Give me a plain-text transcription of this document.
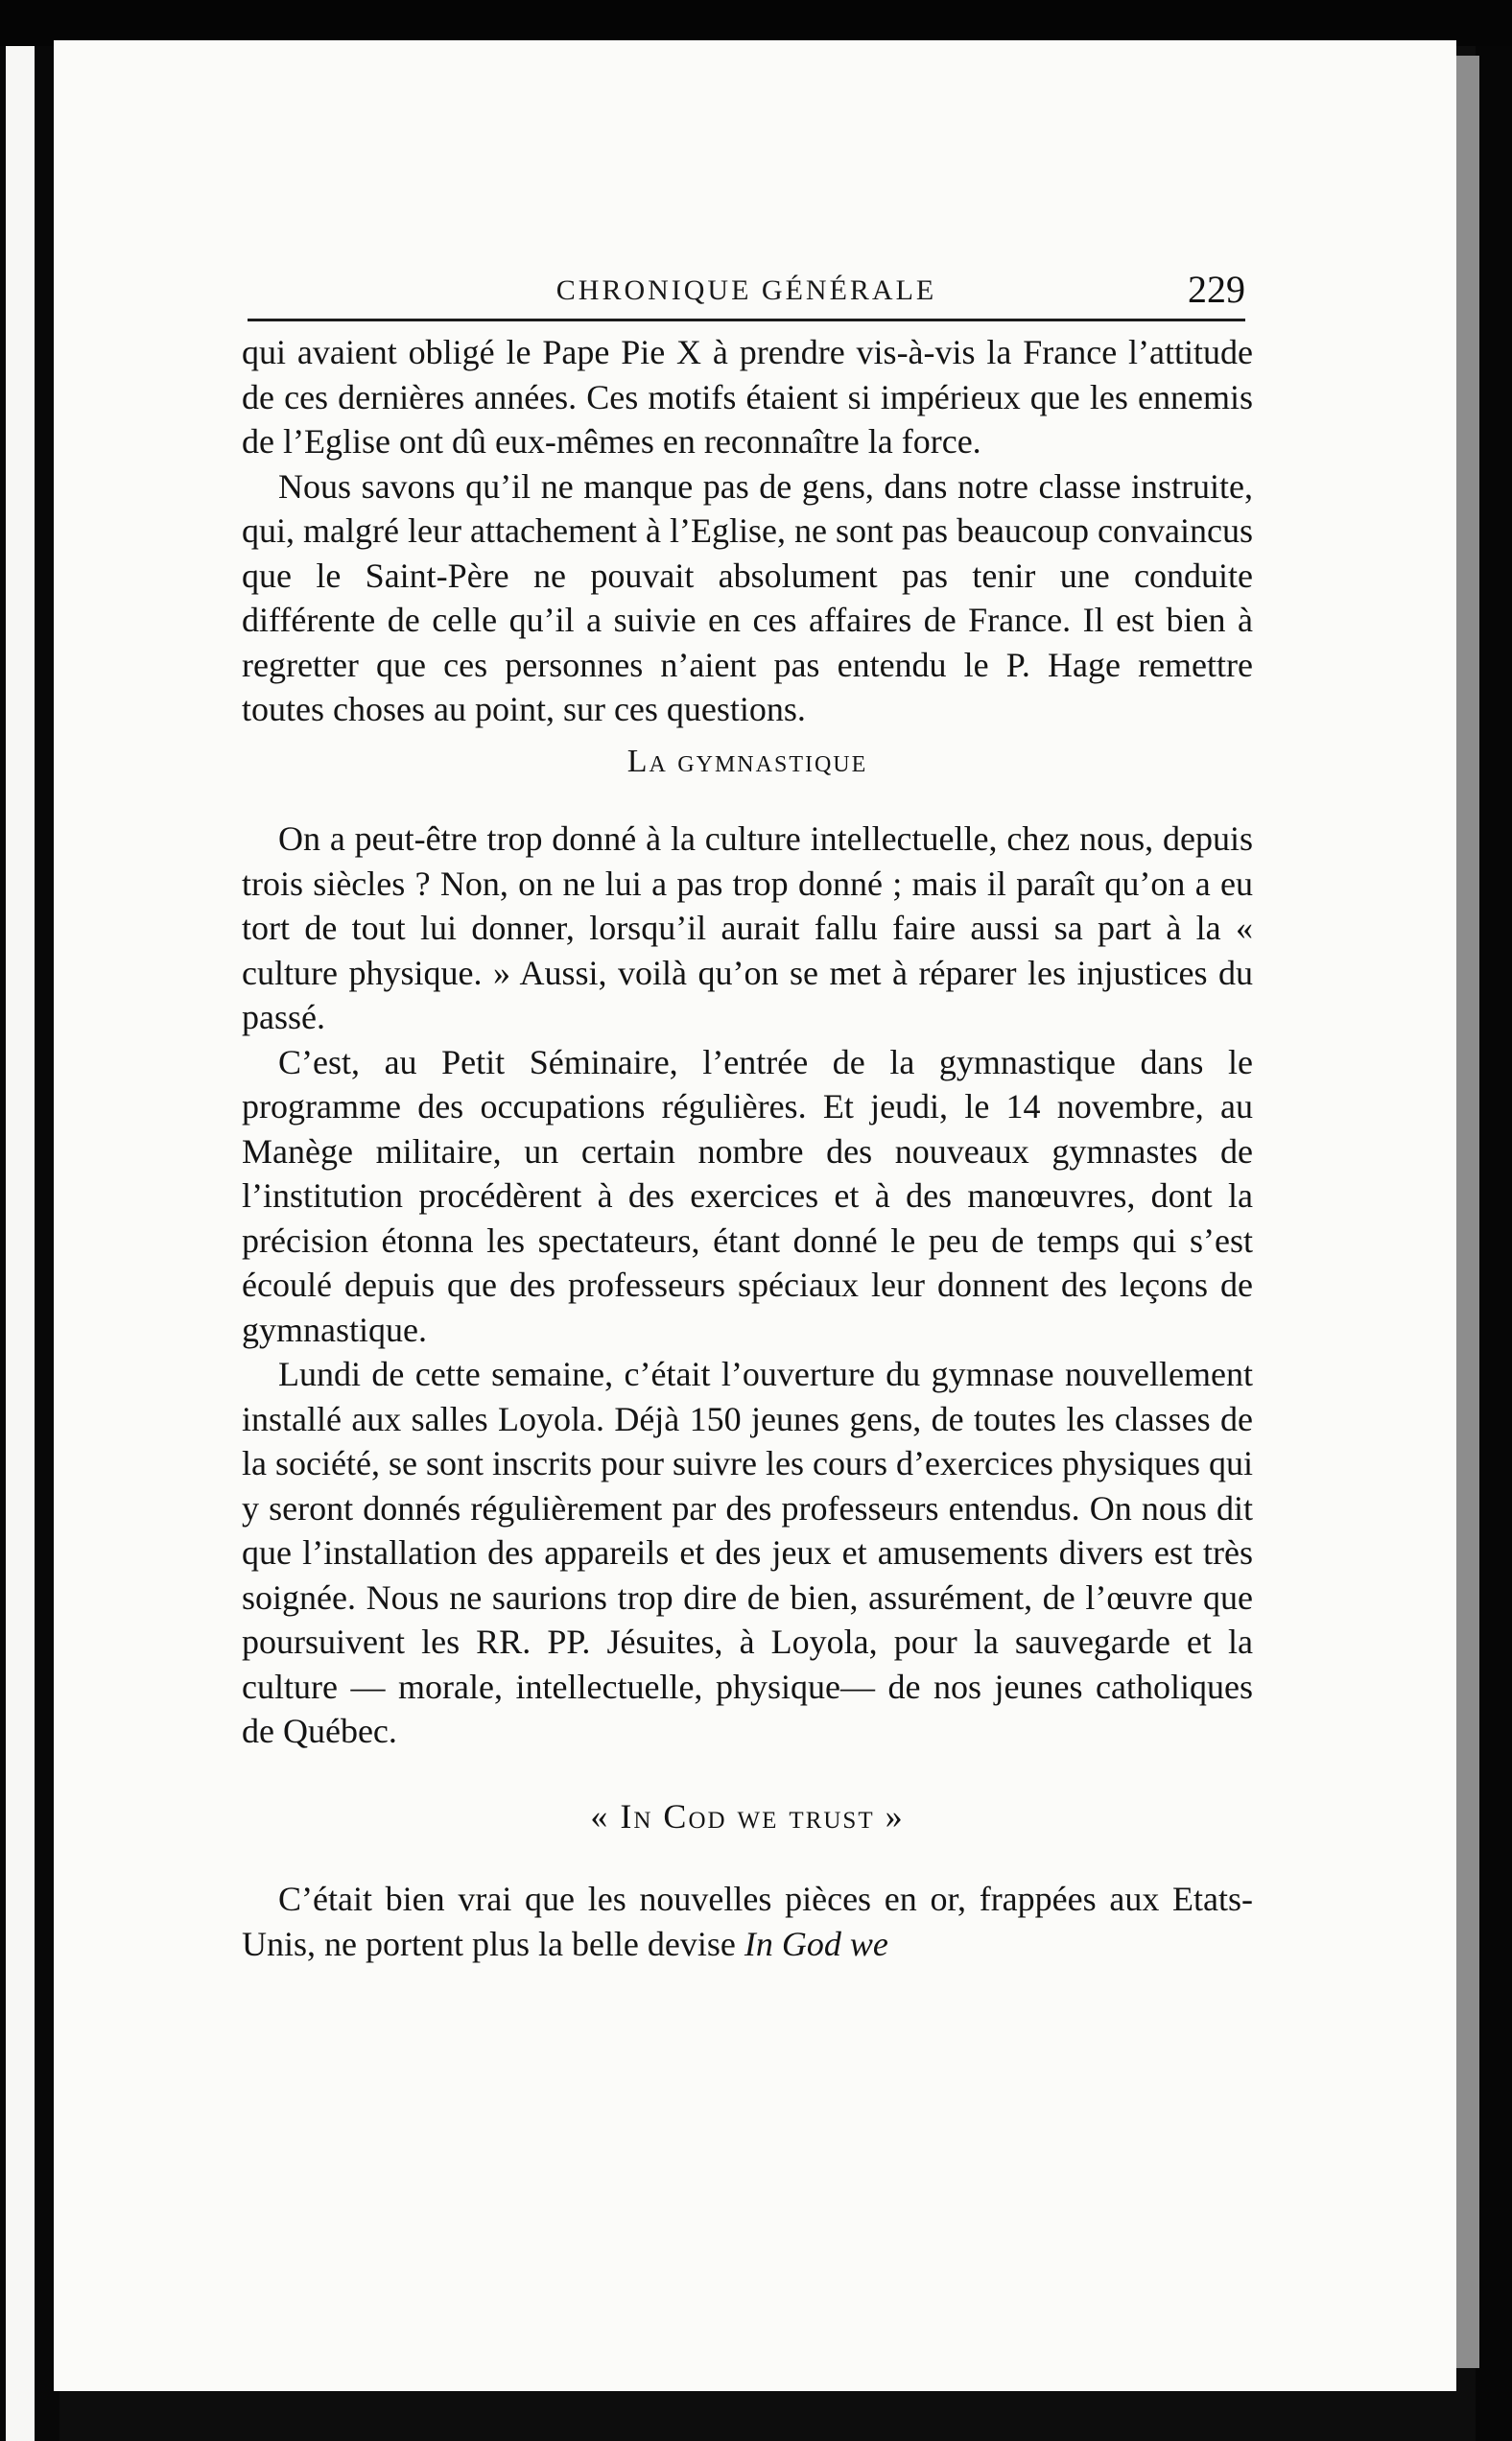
CHRONIQUE GÉNÉRALE	229

qui avaient obligé le Pape Pie X à prendre vis-à-vis la France l’attitude de ces dernières années. Ces motifs étaient si impérieux que les ennemis de l’Eglise ont dû eux-mêmes en reconnaître la force.

Nous savons qu’il ne manque pas de gens, dans notre classe instruite, qui, malgré leur attachement à l’Eglise, ne sont pas beaucoup convaincus que le Saint-Père ne pouvait absolument pas tenir une conduite différente de celle qu’il a suivie en ces affaires de France. Il est bien à regretter que ces personnes n’aient pas entendu le P. Hage remettre toutes choses au point, sur ces questions.

La gymnastique

On a peut-être trop donné à la culture intellectuelle, chez nous, depuis trois siècles ? Non, on ne lui a pas trop donné ; mais il paraît qu’on a eu tort de tout lui donner, lorsqu’il aurait fallu faire aussi sa part à la « culture physique. » Aussi, voilà qu’on se met à réparer les injustices du passé.

C’est, au Petit Séminaire, l’entrée de la gymnastique dans le programme des occupations régulières. Et jeudi, le 14 novembre, au Manège militaire, un certain nombre des nouveaux gymnastes de l’institution procédèrent à des exercices et à des manœuvres, dont la précision étonna les spectateurs, étant donné le peu de temps qui s’est écoulé depuis que des professeurs spéciaux leur donnent des leçons de gymnastique.

Lundi de cette semaine, c’était l’ouverture du gymnase nouvellement installé aux salles Loyola. Déjà 150 jeunes gens, de toutes les classes de la société, se sont inscrits pour suivre les cours d’exercices physiques qui y seront donnés régulièrement par des professeurs entendus. On nous dit que l’installation des appareils et des jeux et amusements divers est très soignée. Nous ne saurions trop dire de bien, assurément, de l’œuvre que poursuivent les RR. PP. Jésuites, à Loyola, pour la sauvegarde et la culture — morale, intellectuelle, physique— de nos jeunes catholiques de Québec.

« In Cod we trust »

C’était bien vrai que les nouvelles pièces en or, frappées aux Etats-Unis, ne portent plus la belle devise In God we
